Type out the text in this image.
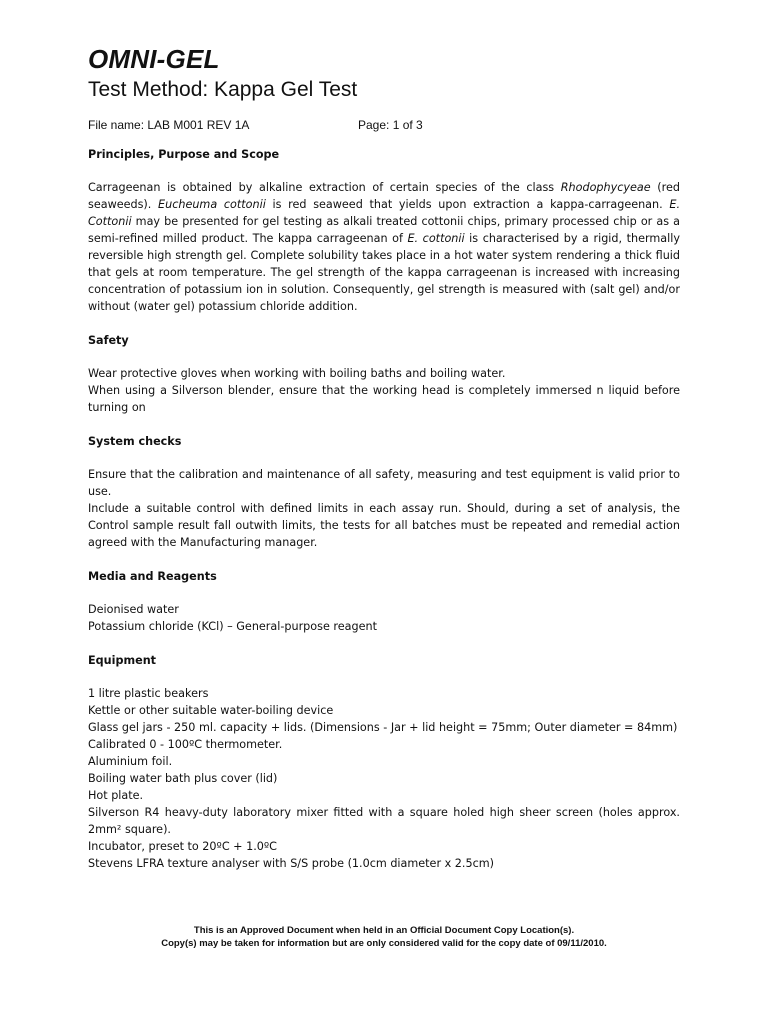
OMNI-GEL
Test Method: Kappa Gel Test
File name: LAB M001 REV 1A	Page: 1 of 3
Principles, Purpose and Scope

Carrageenan is obtained by alkaline extraction of certain species of the class Rhodophycyeae (red seaweeds). Eucheuma cottonii is red seaweed that yields upon extraction a kappa-carrageenan. E. Cottonii may be presented for gel testing as alkali treated cottonii chips, primary processed chip or as a semi-refined milled product. The kappa carrageenan of E. cottonii is characterised by a rigid, thermally reversible high strength gel. Complete solubility takes place in a hot water system rendering a thick fluid that gels at room temperature. The gel strength of the kappa carrageenan is increased with increasing concentration of potassium ion in solution. Consequently, gel strength is measured with (salt gel) and/or without (water gel) potassium chloride addition.

Safety

Wear protective gloves when working with boiling baths and boiling water.

When using a Silverson blender, ensure that the working head is completely immersed n liquid before turning on

System checks

Ensure that the calibration and maintenance of all safety, measuring and test equipment is valid prior to use.

Include a suitable control with defined limits in each assay run. Should, during a set of analysis, the Control sample result fall outwith limits, the tests for all batches must be repeated and remedial action agreed with the Manufacturing manager.

Media and Reagents

Deionised water

Potassium chloride (KCl) – General-purpose reagent

Equipment

1 litre plastic beakers

Kettle or other suitable water-boiling device

Glass gel jars - 250 ml. capacity + lids. (Dimensions - Jar + lid height = 75mm; Outer diameter = 84mm)

Calibrated 0 - 100ºC thermometer.

Aluminium foil.

Boiling water bath plus cover (lid)

Hot plate.

Silverson R4 heavy-duty laboratory mixer fitted with a square holed high sheer screen (holes approx. 2mm² square).

Incubator, preset to 20ºC + 1.0ºC

Stevens LFRA texture analyser with S/S probe (1.0cm diameter x 2.5cm)

This is an Approved Document when held in an Official Document Copy Location(s).
Copy(s) may be taken for information but are only considered valid for the copy date of 09/11/2010.
